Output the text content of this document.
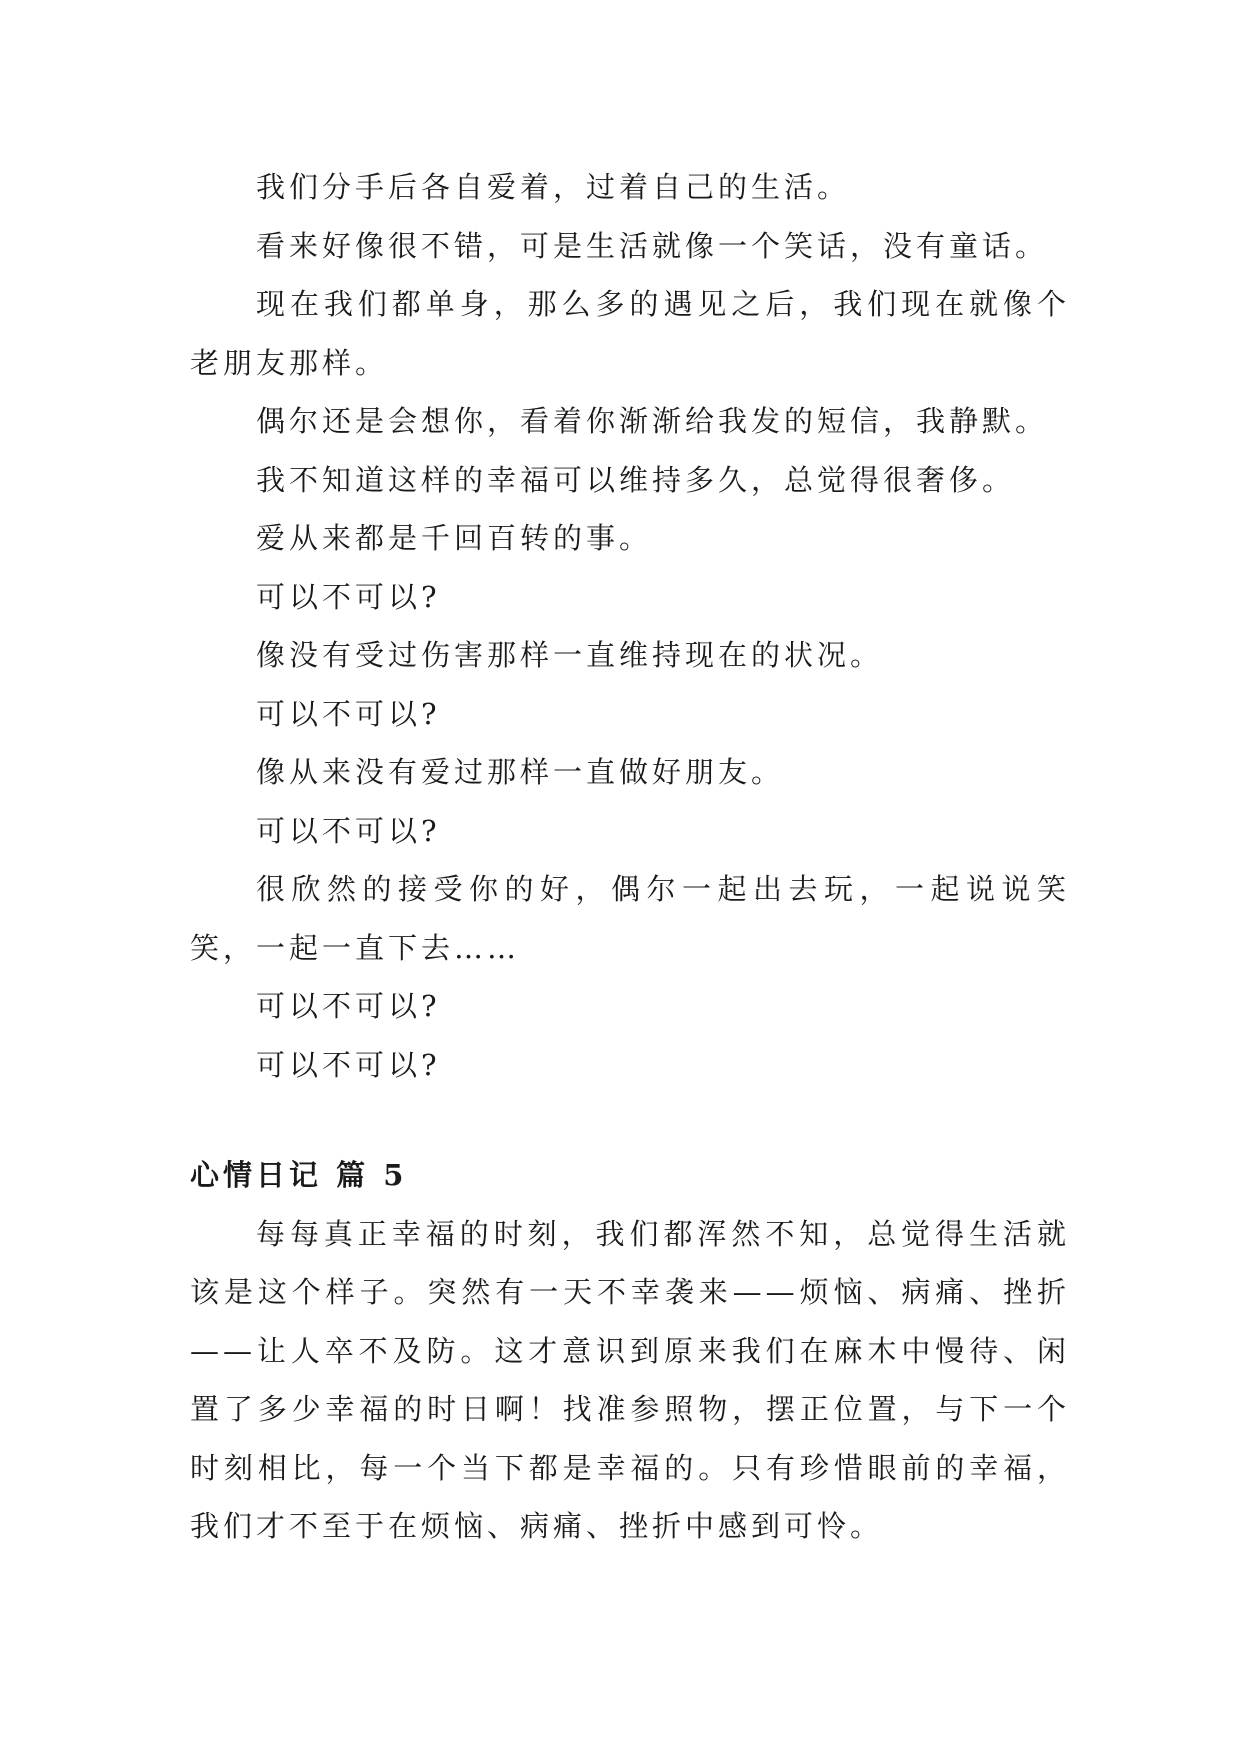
我们分手后各自爱着，过着自己的生活。

看来好像很不错，可是生活就像一个笑话，没有童话。

现在我们都单身，那么多的遇见之后，我们现在就像个老朋友那样。

偶尔还是会想你，看着你渐渐给我发的短信，我静默。

我不知道这样的幸福可以维持多久，总觉得很奢侈。

爱从来都是千回百转的事。

可以不可以?

像没有受过伤害那样一直维持现在的状况。

可以不可以?

像从来没有爱过那样一直做好朋友。

可以不可以?

很欣然的接受你的好，偶尔一起出去玩，一起说说笑笑，一起一直下去……

可以不可以?

可以不可以?

心情日记 篇 5

每每真正幸福的时刻，我们都浑然不知，总觉得生活就该是这个样子。突然有一天不幸袭来——烦恼、病痛、挫折——让人卒不及防。这才意识到原来我们在麻木中慢待、闲置了多少幸福的时日啊！找准参照物，摆正位置，与下一个时刻相比，每一个当下都是幸福的。只有珍惜眼前的幸福，我们才不至于在烦恼、病痛、挫折中感到可怜。
